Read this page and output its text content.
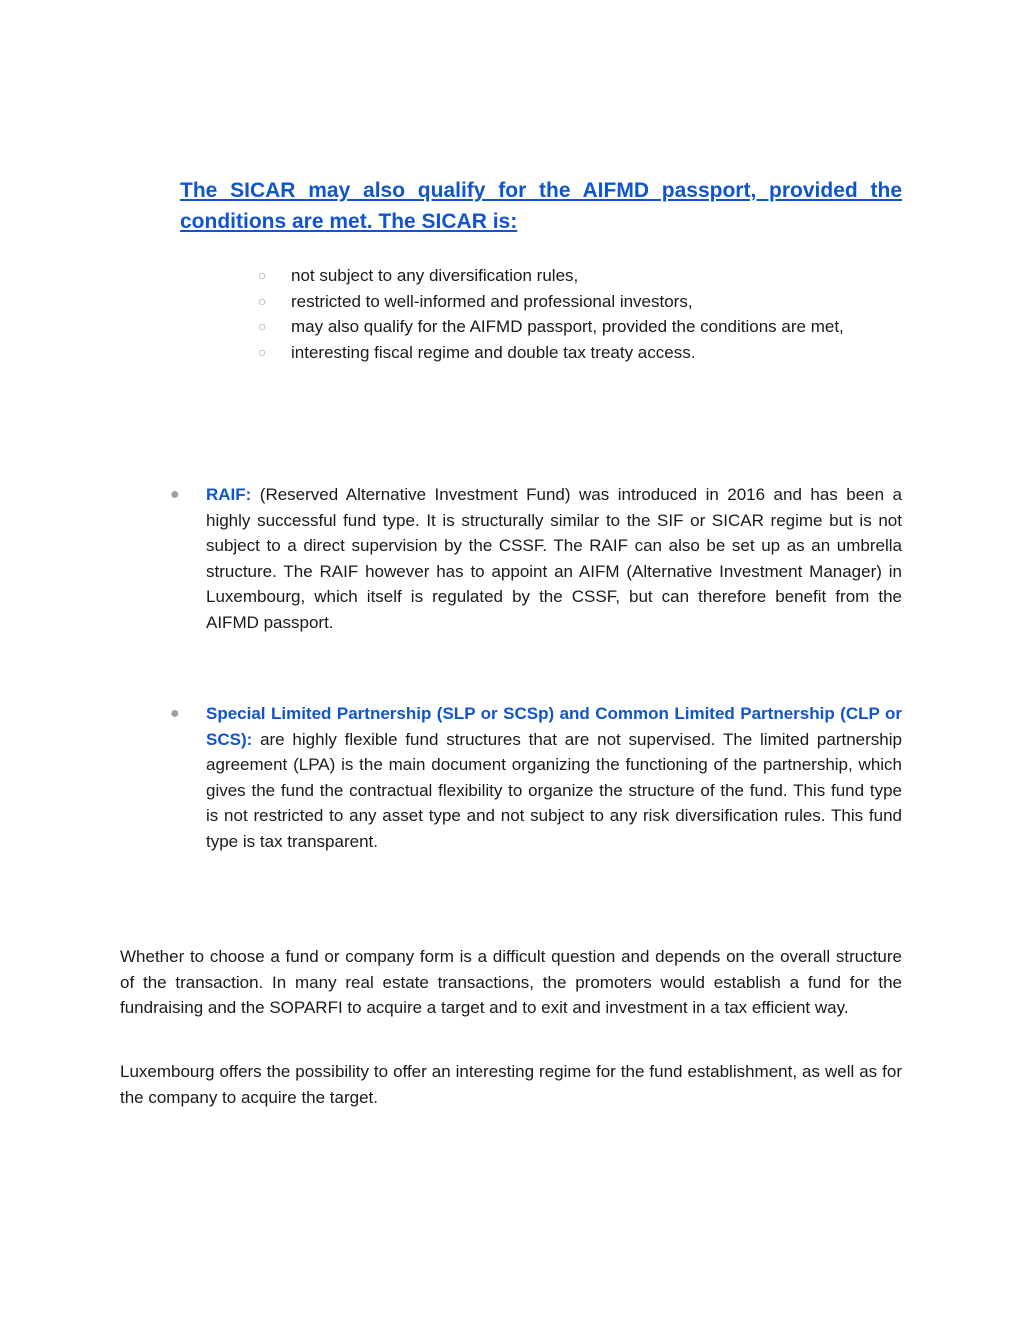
The SICAR may also qualify for the AIFMD passport, provided the conditions are met. The SICAR is:
○	not subject to any diversification rules,
○	restricted to well-informed and professional investors,
○	may also qualify for the AIFMD passport, provided the conditions are met,
○	interesting fiscal regime and double tax treaty access.
● RAIF: (Reserved Alternative Investment Fund) was introduced in 2016 and has been a highly successful fund type. It is structurally similar to the SIF or SICAR regime but is not subject to a direct supervision by the CSSF. The RAIF can also be set up as an umbrella structure. The RAIF however has to appoint an AIFM (Alternative Investment Manager) in Luxembourg, which itself is regulated by the CSSF, but can therefore benefit from the AIFMD passport.
● Special Limited Partnership (SLP or SCSp) and Common Limited Partnership (CLP or SCS): are highly flexible fund structures that are not supervised. The limited partnership agreement (LPA) is the main document organizing the functioning of the partnership, which gives the fund the contractual flexibility to organize the structure of the fund. This fund type is not restricted to any asset type and not subject to any risk diversification rules. This fund type is tax transparent.

Whether to choose a fund or company form is a difficult question and depends on the overall structure of the transaction. In many real estate transactions, the promoters would establish a fund for the fundraising and the SOPARFI to acquire a target and to exit and investment in a tax efficient way.

Luxembourg offers the possibility to offer an interesting regime for the fund establishment, as well as for the company to acquire the target.
